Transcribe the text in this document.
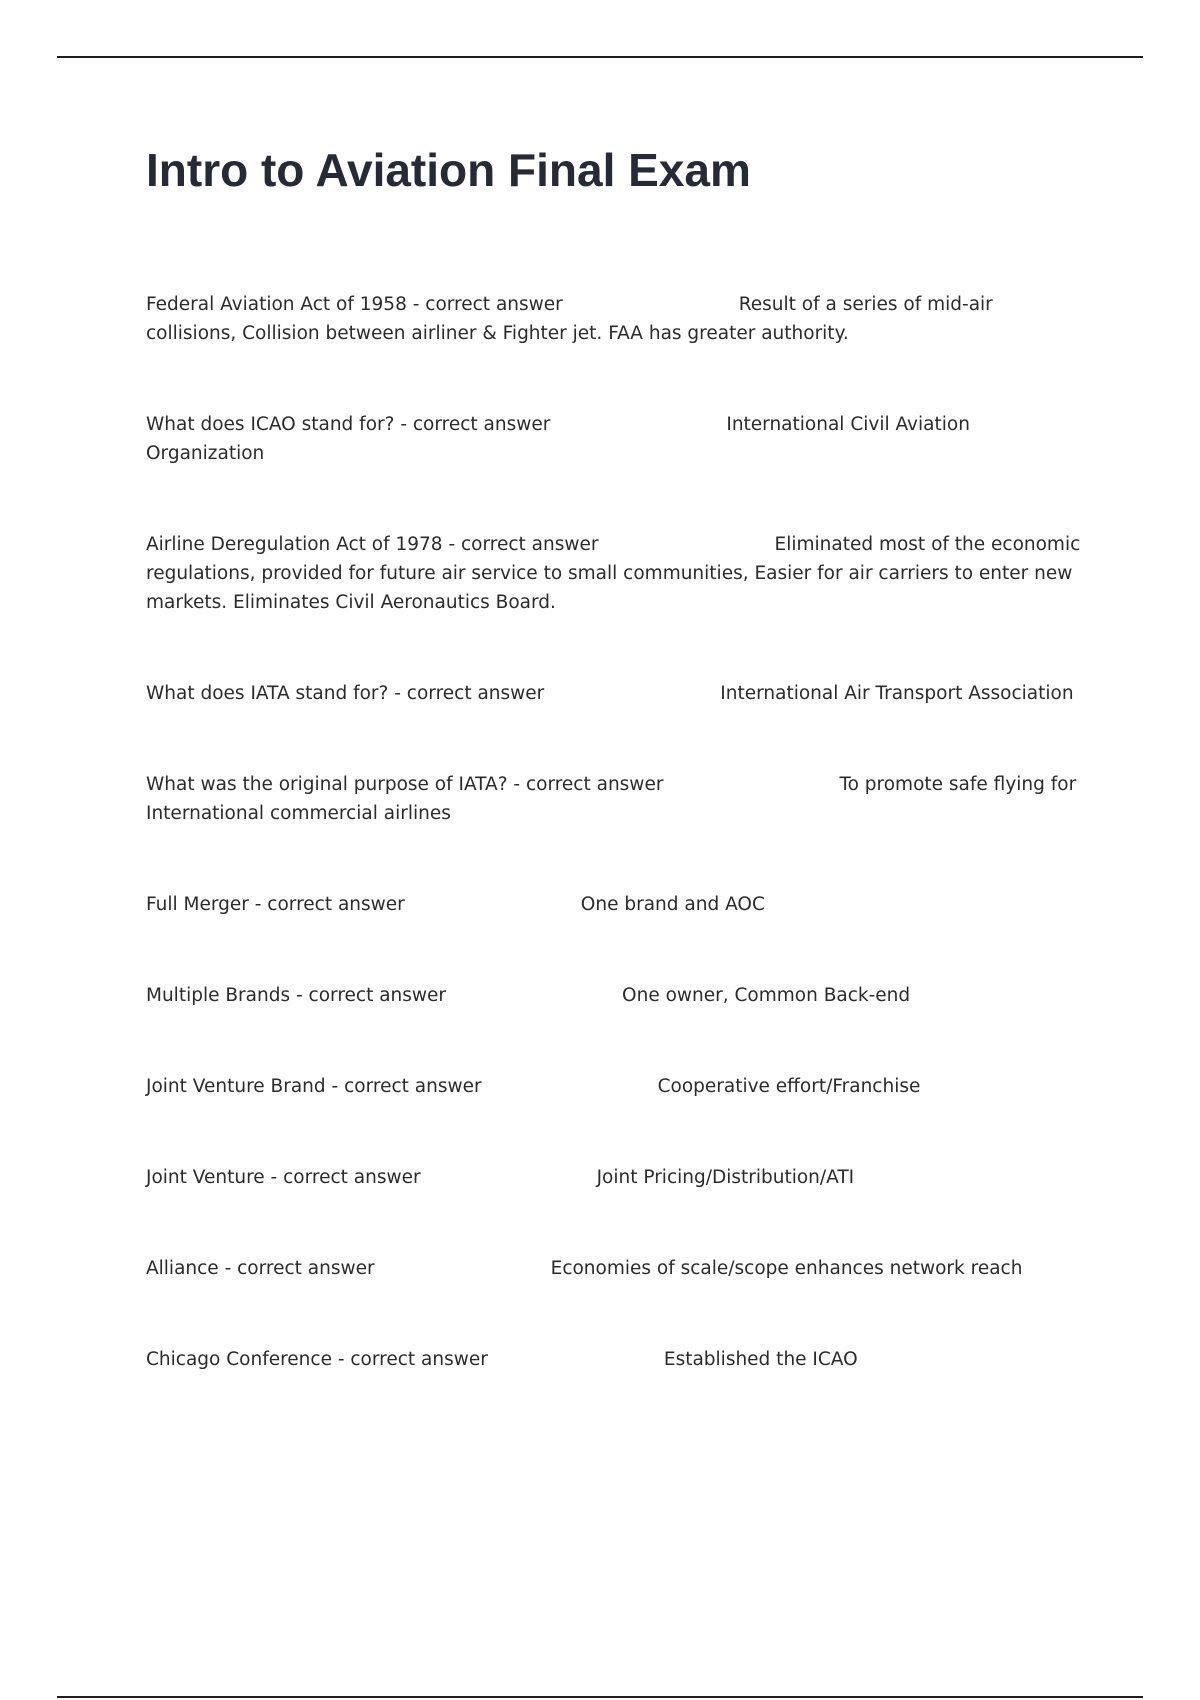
Intro to Aviation Final Exam
Federal Aviation Act of 1958 - correct answer	Result of a series of mid-air collisions, Collision between airliner & Fighter jet. FAA has greater authority.
What does ICAO stand for? - correct answer	International Civil Aviation Organization
Airline Deregulation Act of 1978 - correct answer	Eliminated most of the economic regulations, provided for future air service to small communities, Easier for air carriers to enter new markets. Eliminates Civil Aeronautics Board.
What does IATA stand for? - correct answer	International Air Transport Association
What was the original purpose of IATA? - correct answer	To promote safe flying for International commercial airlines
Full Merger - correct answer	One brand and AOC
Multiple Brands - correct answer	One owner, Common Back-end
Joint Venture Brand - correct answer	Cooperative effort/Franchise
Joint Venture - correct answer	Joint Pricing/Distribution/ATI
Alliance - correct answer	Economies of scale/scope enhances network reach
Chicago Conference - correct answer	Established the ICAO
